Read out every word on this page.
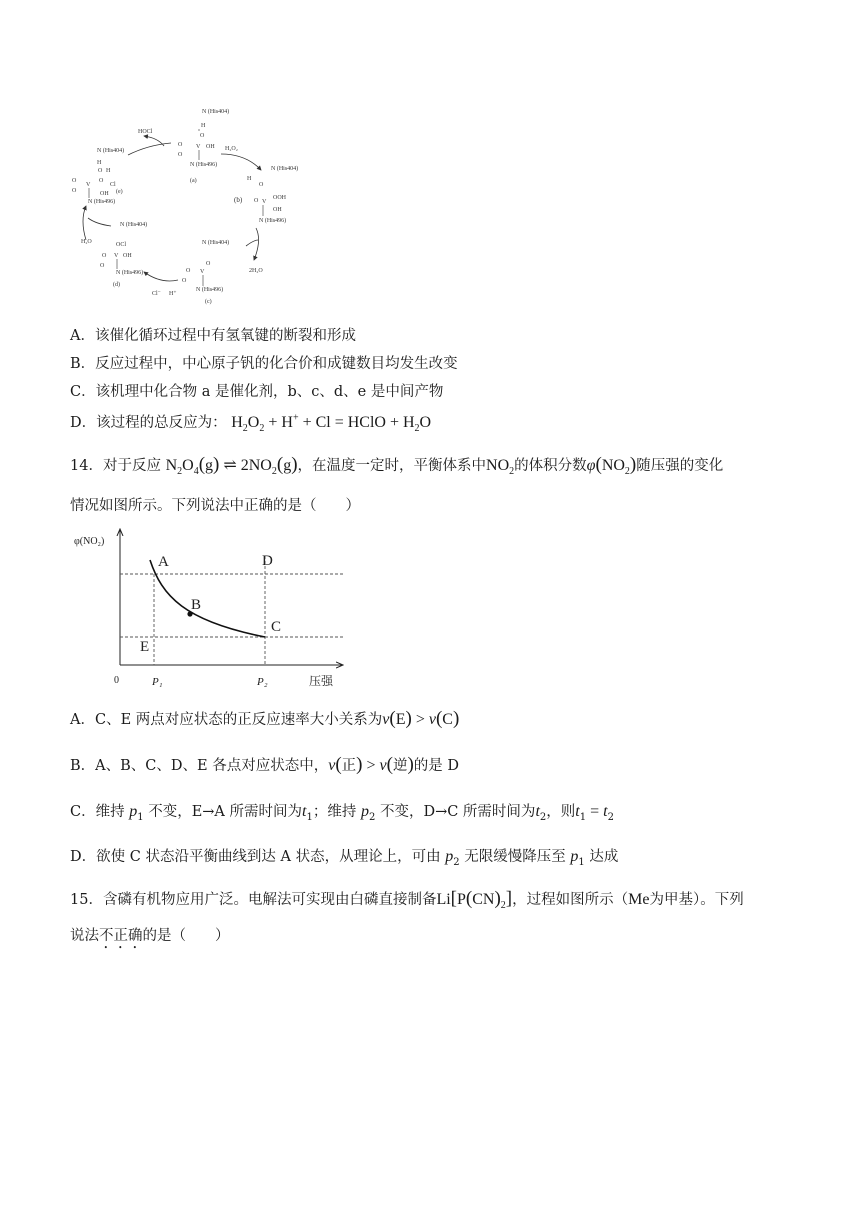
N (His404)
H
O
O V OH
O
N (His496)
(a)
HOCl
H₂O₂
N (His404)
H
O
(b) O V
OOH
OH
N (His496)
N (His404)
2H₂O
O
O V
O
N (His496)
(c)
Cl⁻ H⁺
OCl
O V OH
O
N (His496)
(d)
H₂O
N (His404)
N (His404)
H
O H
O
V
O
Cl
O	OH (e)
N (His496)
A．该催化循环过程中有氢氧键的断裂和形成
B．反应过程中，中心原子钒的化合价和成键数目均发生改变
C．该机理中化合物 a 是催化剂，b、c、d、e 是中间产物
D．该过程的总反应为： $H_2O_2 + H^+ + Cl$ = HClO + $H_2O$
14．对于反应 $N_2O_4(g)$ ⇌ $2NO_2(g)$，在温度一定时，平衡体系中$NO_2$的体积分数$\varphi(NO_2)$随压强的变化
情况如图所示。下列说法中正确的是（　　）
A
B
C
D
E
φ(NO₂)
压强
0	P₁	P₂
A．C、E 两点对应状态的正反应速率大小关系为v(E) > v(C)
B．A、B、C、D、E 各点对应状态中，v(正) > v(逆)的是 D
C．维持 $p_1$ 不变，E→A 所需时间为$t_1$；维持 $p_2$ 不变，D→C 所需时间为$t_2$，则$t_1 = t_2$
D．欲使 C 状态沿平衡曲线到达 A 状态，从理论上，可由 $p_2$ 无限缓慢降压至 $p_1$ 达成
15．含磷有机物应用广泛。电解法可实现由白磷直接制备$Li[P(CN)_2]$，过程如图所示（Me为甲基）。下列
说法不正确的是（　　）
